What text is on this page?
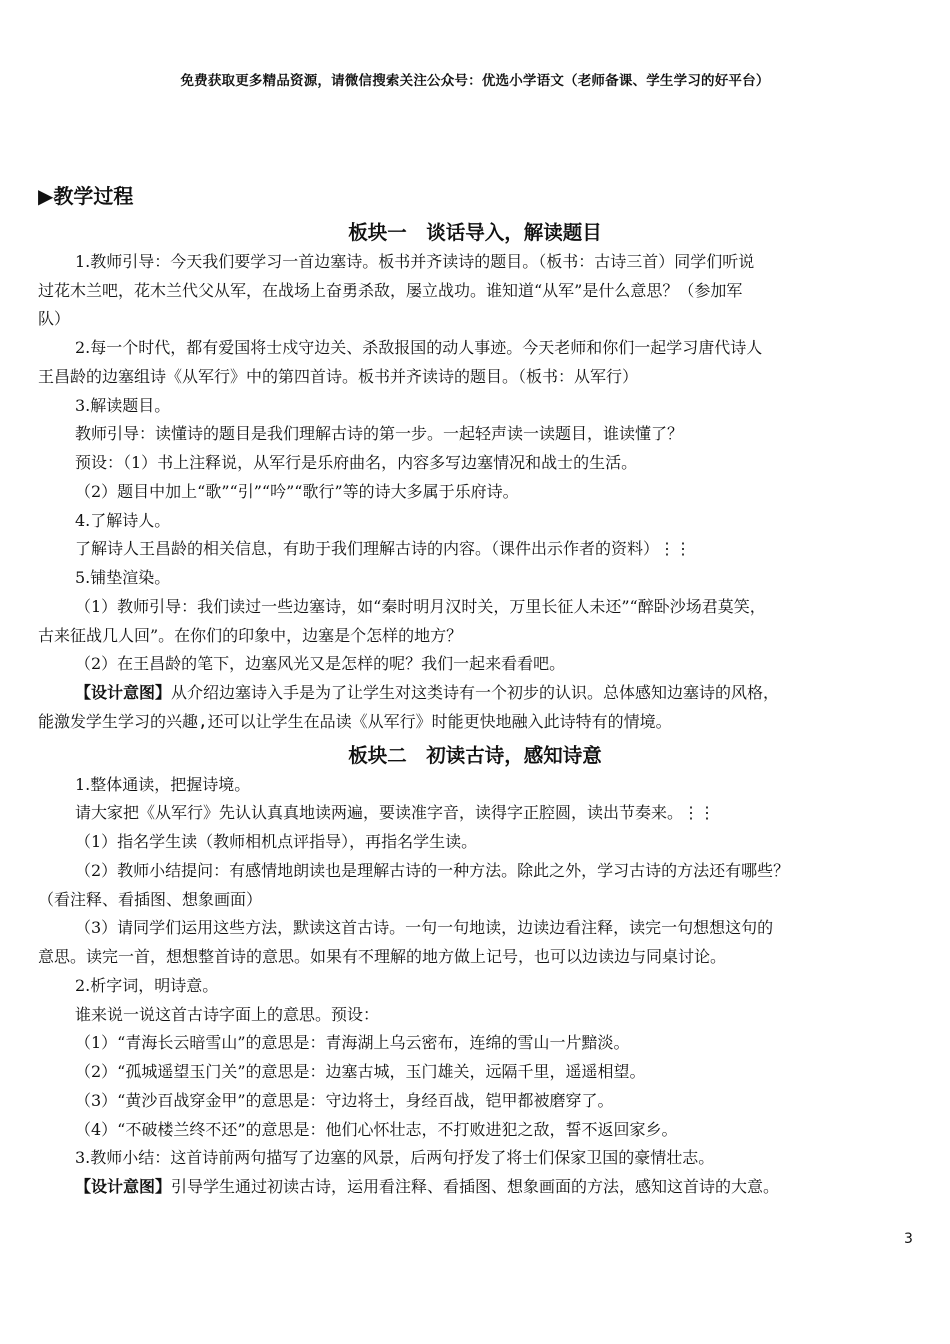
免费获取更多精品资源，请微信搜索关注公众号：优选小学语文（老师备课、学生学习的好平台）
▶教学过程
板块一　谈话导入，解读题目
1.教师引导：今天我们要学习一首边塞诗。板书并齐读诗的题目。（板书：古诗三首）同学们听说
过花木兰吧，花木兰代父从军，在战场上奋勇杀敌，屡立战功。谁知道“从军”是什么意思？（参加军
队）
2.每一个时代，都有爱国将士戍守边关、杀敌报国的动人事迹。今天老师和你们一起学习唐代诗人
王昌龄的边塞组诗《从军行》中的第四首诗。板书并齐读诗的题目。（板书：从军行）
3.解读题目。
教师引导：读懂诗的题目是我们理解古诗的第一步。一起轻声读一读题目，谁读懂了？
预设：（1）书上注释说，从军行是乐府曲名，内容多写边塞情况和战士的生活。
（2）题目中加上“歌”“引”“吟”“歌行”等的诗大多属于乐府诗。
4.了解诗人。
了解诗人王昌龄的相关信息，有助于我们理解古诗的内容。（课件出示作者的资料）⋮⋮
5.铺垫渲染。
（1）教师引导：我们读过一些边塞诗，如“秦时明月汉时关，万里长征人未还”“醉卧沙场君莫笑，
古来征战几人回”。在你们的印象中，边塞是个怎样的地方？
（2）在王昌龄的笔下，边塞风光又是怎样的呢？我们一起来看看吧。
【设计意图】从介绍边塞诗入手是为了让学生对这类诗有一个初步的认识。总体感知边塞诗的风格，
能激发学生学习的兴趣,还可以让学生在品读《从军行》时能更快地融入此诗特有的情境。
板块二　初读古诗，感知诗意
1.整体通读，把握诗境。
请大家把《从军行》先认认真真地读两遍，要读准字音，读得字正腔圆，读出节奏来。⋮⋮
（1）指名学生读（教师相机点评指导），再指名学生读。
（2）教师小结提问：有感情地朗读也是理解古诗的一种方法。除此之外，学习古诗的方法还有哪些？
（看注释、看插图、想象画面）
（3）请同学们运用这些方法，默读这首古诗。一句一句地读，边读边看注释，读完一句想想这句的
意思。读完一首，想想整首诗的意思。如果有不理解的地方做上记号，也可以边读边与同桌讨论。
2.析字词，明诗意。
谁来说一说这首古诗字面上的意思。预设：
（1）“青海长云暗雪山”的意思是：青海湖上乌云密布，连绵的雪山一片黯淡。
（2）“孤城遥望玉门关”的意思是：边塞古城，玉门雄关，远隔千里，遥遥相望。
（3）“黄沙百战穿金甲”的意思是：守边将士，身经百战，铠甲都被磨穿了。
（4）“不破楼兰终不还”的意思是：他们心怀壮志，不打败进犯之敌，誓不返回家乡。
3.教师小结：这首诗前两句描写了边塞的风景，后两句抒发了将士们保家卫国的豪情壮志。
【设计意图】引导学生通过初读古诗，运用看注释、看插图、想象画面的方法，感知这首诗的大意。
3
